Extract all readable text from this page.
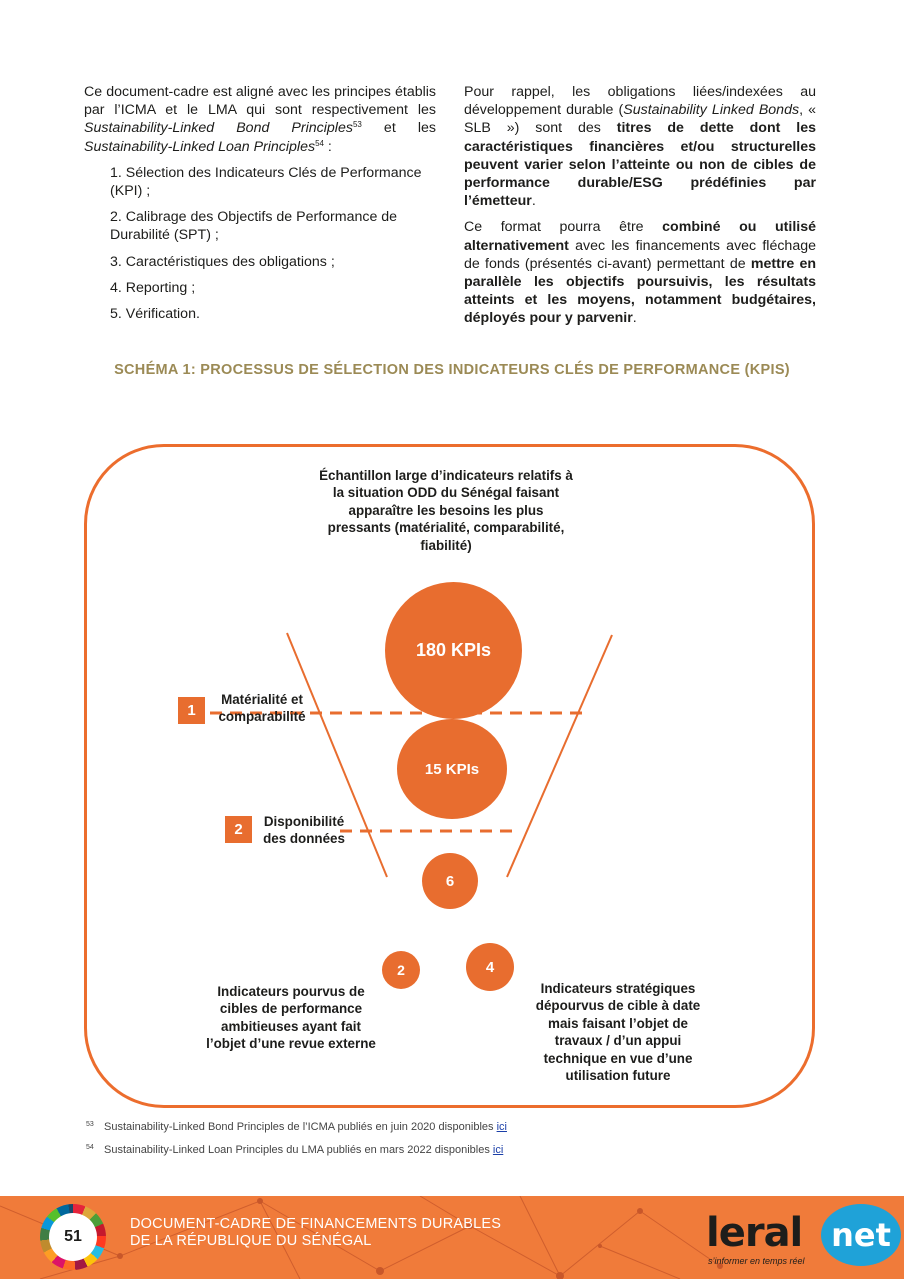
Ce document-cadre est aligné avec les principes établis par l’ICMA et le LMA qui sont respectivement les Sustainability-Linked Bond Principles$^{53}$ et les Sustainability-Linked Loan Principles$^{54}$ :

1. Sélection des Indicateurs Clés de Performance (KPI) ;
2. Calibrage des Objectifs de Performance de Durabilité (SPT) ;
3. Caractéristiques des obligations ;
4. Reporting ;
5. Vérification.

Pour rappel, les obligations liées/indexées au développement durable (Sustainability Linked Bonds, « SLB ») sont des titres de dette dont les caractéristiques financières et/ou structurelles peuvent varier selon l’atteinte ou non de cibles de performance durable/ESG prédéfinies par l’émetteur.

Ce format pourra être combiné ou utilisé alternativement avec les financements avec fléchage de fonds (présentés ci-avant) permettant de mettre en parallèle les objectifs poursuivis, les résultats atteints et les moyens, notamment budgétaires, déployés pour y parvenir.

SCHÉMA 1: PROCESSUS DE SÉLECTION DES INDICATEURS CLÉS DE PERFORMANCE (KPIS)
Échantillon large d’indicateurs relatifs à la situation ODD du Sénégal faisant apparaître les besoins les plus pressants (matérialité, comparabilité, fiabilité)
180 KPIs
15 KPIs
6
2	4
1
Matérialité et comparabilité
2	Disponibilité des données
Indicateurs pourvus de cibles de performance ambitieuses ayant fait l’objet d’une revue externe
Indicateurs stratégiques dépourvus de cible à date mais faisant l’objet de travaux / d’un appui technique en vue d’une utilisation future
53 Sustainability-Linked Bond Principles de l’ICMA publiés en juin 2020 disponibles ici
54 Sustainability-Linked Loan Principles du LMA publiés en mars 2022 disponibles ici
51
DOCUMENT-CADRE DE FINANCEMENTS DURABLES
DE LA RÉPUBLIQUE DU SÉNÉGAL	leral net
s’informer en temps réel
